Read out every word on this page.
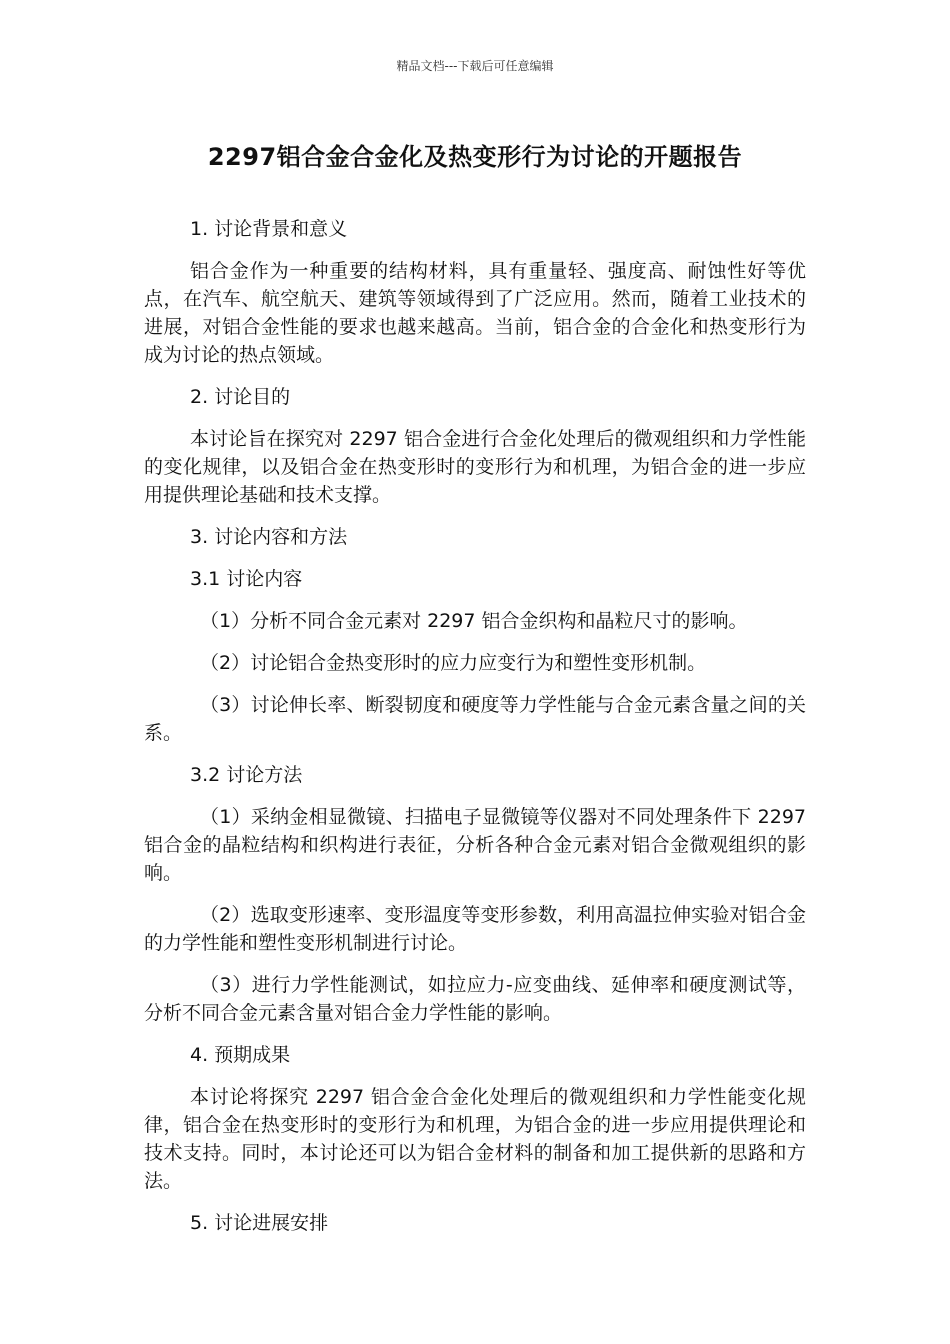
精品文档---下载后可任意编辑
2297铝合金合金化及热变形行为讨论的开题报告

1. 讨论背景和意义

铝合金作为一种重要的结构材料，具有重量轻、强度高、耐蚀性好等优点，在汽车、航空航天、建筑等领域得到了广泛应用。然而，随着工业技术的进展，对铝合金性能的要求也越来越高。当前，铝合金的合金化和热变形行为成为讨论的热点领域。

2. 讨论目的

本讨论旨在探究对 2297 铝合金进行合金化处理后的微观组织和力学性能的变化规律，以及铝合金在热变形时的变形行为和机理，为铝合金的进一步应用提供理论基础和技术支撑。

3. 讨论内容和方法

3.1 讨论内容

（1）分析不同合金元素对 2297 铝合金织构和晶粒尺寸的影响。

（2）讨论铝合金热变形时的应力应变行为和塑性变形机制。

（3）讨论伸长率、断裂韧度和硬度等力学性能与合金元素含量之间的关系。

3.2 讨论方法

（1）采纳金相显微镜、扫描电子显微镜等仪器对不同处理条件下 2297 铝合金的晶粒结构和织构进行表征，分析各种合金元素对铝合金微观组织的影响。

（2）选取变形速率、变形温度等变形参数，利用高温拉伸实验对铝合金的力学性能和塑性变形机制进行讨论。

（3）进行力学性能测试，如拉应力-应变曲线、延伸率和硬度测试等，分析不同合金元素含量对铝合金力学性能的影响。

4. 预期成果

本讨论将探究 2297 铝合金合金化处理后的微观组织和力学性能变化规律，铝合金在热变形时的变形行为和机理，为铝合金的进一步应用提供理论和技术支持。同时，本讨论还可以为铝合金材料的制备和加工提供新的思路和方法。

5. 讨论进展安排
